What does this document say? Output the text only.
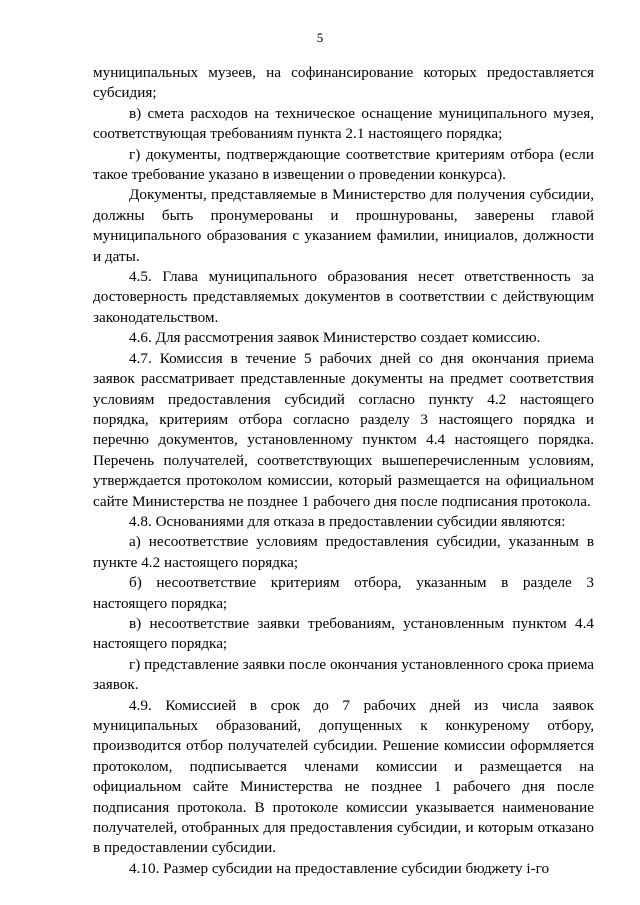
5

муниципальных музеев, на софинансирование которых предоставляется субсидия;

в) смета расходов на техническое оснащение муниципального музея, соответствующая требованиям пункта 2.1 настоящего порядка;

г) документы, подтверждающие соответствие критериям отбора (если такое требование указано в извещении о проведении конкурса).

Документы, представляемые в Министерство для получения субсидии, должны быть пронумерованы и прошнурованы, заверены главой муниципального образования с указанием фамилии, инициалов, должности и даты.

4.5. Глава муниципального образования несет ответственность за достоверность представляемых документов в соответствии с действующим законодательством.

4.6. Для рассмотрения заявок Министерство создает комиссию.

4.7. Комиссия в течение 5 рабочих дней со дня окончания приема заявок рассматривает представленные документы на предмет соответствия условиям предоставления субсидий согласно пункту 4.2 настоящего порядка, критериям отбора согласно разделу 3 настоящего порядка и перечню документов, установленному пунктом 4.4 настоящего порядка. Перечень получателей, соответствующих вышеперечисленным условиям, утверждается протоколом комиссии, который размещается на официальном сайте Министерства не позднее 1 рабочего дня после подписания протокола.

4.8. Основаниями для отказа в предоставлении субсидии являются:

а) несоответствие условиям предоставления субсидии, указанным в пункте 4.2 настоящего порядка;

б) несоответствие критериям отбора, указанным в разделе 3 настоящего порядка;

в) несоответствие заявки требованиям, установленным пунктом 4.4 настоящего порядка;

г) представление заявки после окончания установленного срока приема заявок.

4.9. Комиссией в срок до 7 рабочих дней из числа заявок муниципальных образований, допущенных к конкуреному отбору, производится отбор получателей субсидии. Решение комиссии оформляется протоколом, подписывается членами комиссии и размещается на официальном сайте Министерства не позднее 1 рабочего дня после подписания протокола. В протоколе комиссии указывается наименование получателей, отобранных для предоставления субсидии, и которым отказано в предоставлении субсидии.

4.10. Размер субсидии на предоставление субсидии бюджету i-го
